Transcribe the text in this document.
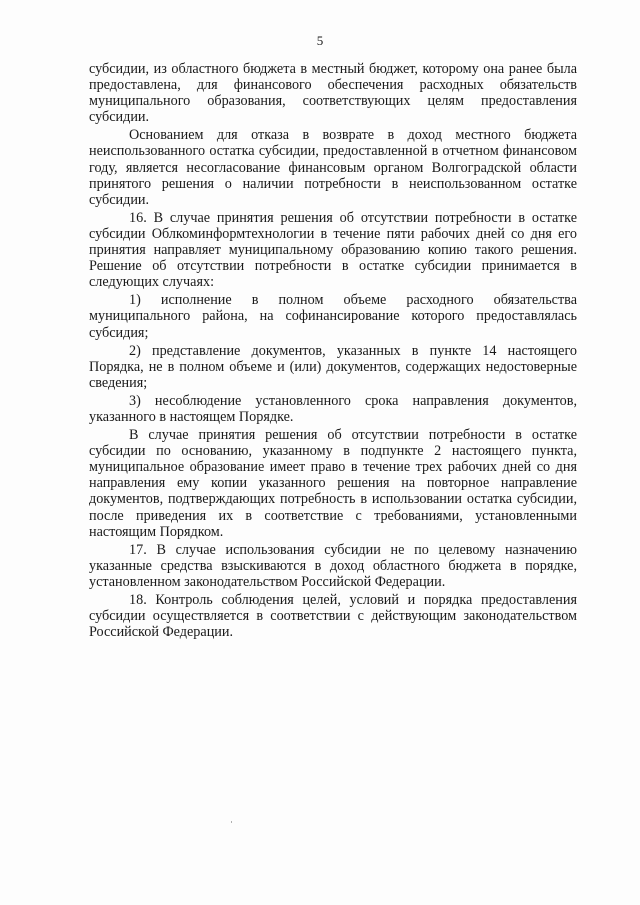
5

субсидии, из областного бюджета в местный бюджет, которому она ранее была предоставлена, для финансового обеспечения расходных обязательств муниципального образования, соответствующих целям предоставления субсидии.

Основанием для отказа в возврате в доход местного бюджета неиспользованного остатка субсидии, предоставленной в отчетном финансовом году, является несогласование финансовым органом Волгоградской области принятого решения о наличии потребности в неиспользованном остатке субсидии.

16. В случае принятия решения об отсутствии потребности в остатке субсидии Облкоминформтехнологии в течение пяти рабочих дней со дня его принятия направляет муниципальному образованию копию такого решения. Решение об отсутствии потребности в остатке субсидии принимается в следующих случаях:

1) исполнение в полном объеме расходного обязательства муниципального района, на софинансирование которого предоставлялась субсидия;

2) представление документов, указанных в пункте 14 настоящего Порядка, не в полном объеме и (или) документов, содержащих недостоверные сведения;

3) несоблюдение установленного срока направления документов, указанного в настоящем Порядке.

В случае принятия решения об отсутствии потребности в остатке субсидии по основанию, указанному в подпункте 2 настоящего пункта, муниципальное образование имеет право в течение трех рабочих дней со дня направления ему копии указанного решения на повторное направление документов, подтверждающих потребность в использовании остатка субсидии, после приведения их в соответствие с требованиями, установленными настоящим Порядком.

17. В случае использования субсидии не по целевому назначению указанные средства взыскиваются в доход областного бюджета в порядке, установленном законодательством Российской Федерации.

18. Контроль соблюдения целей, условий и порядка предоставления субсидии осуществляется в соответствии с действующим законодательством Российской Федерации.
